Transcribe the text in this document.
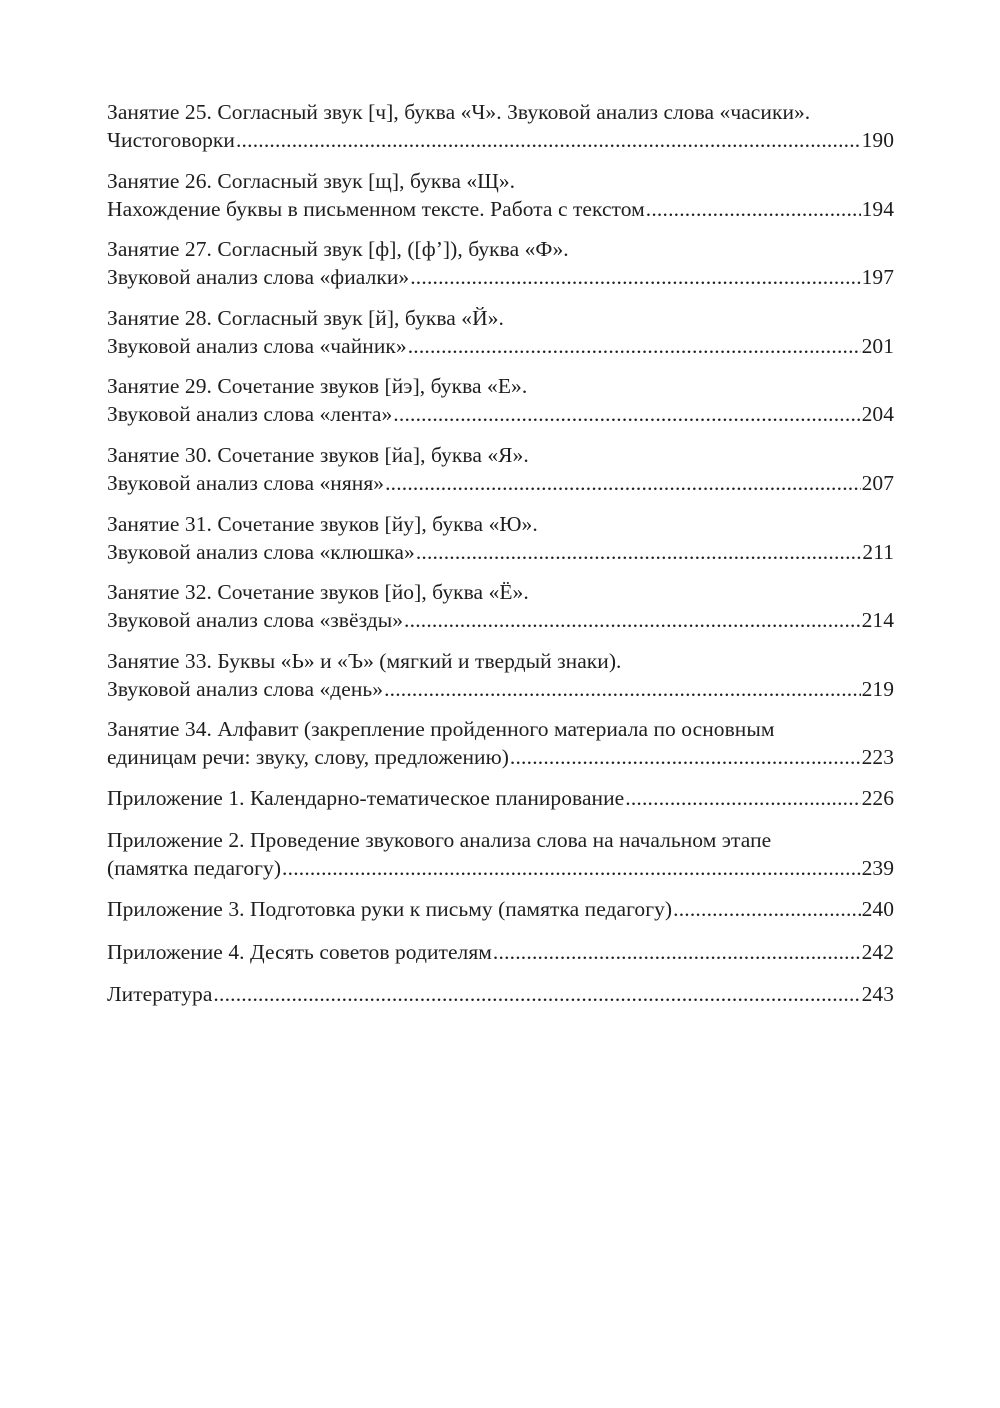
Занятие 25. Согласный звук [ч], буква «Ч». Звуковой анализ слова «часики».
Чистоговорки .....	190
Занятие 26. Согласный звук [щ], буква «Щ».
Нахождение буквы в письменном тексте. Работа с текстом .....	194
Занятие 27. Согласный звук [ф], ([ф’]), буква «Ф».
Звуковой анализ слова «фиалки» .....	197
Занятие 28. Согласный звук [й], буква «Й».
Звуковой анализ слова «чайник» .....	201
Занятие 29. Сочетание звуков [йэ], буква «Е».
Звуковой анализ слова «лента» .....	204
Занятие 30. Сочетание звуков [йа], буква «Я».
Звуковой анализ слова «няня» .....	207
Занятие 31. Сочетание звуков [йу], буква «Ю».
Звуковой анализ слова «клюшка» .....	211
Занятие 32. Сочетание звуков [йо], буква «Ё».
Звуковой анализ слова «звёзды» .....	214
Занятие 33. Буквы «Ь» и «Ъ» (мягкий и твердый знаки).
Звуковой анализ слова «день» .....	219
Занятие 34. Алфавит (закрепление пройденного материала по основным
единицам речи: звуку, слову, предложению) .....	223
Приложение 1. Календарно-тематическое планирование .....	226
Приложение 2. Проведение звукового анализа слова на начальном этапе
(памятка педагогу) .....	239
Приложение 3. Подготовка руки к письму (памятка педагогу) .....	240
Приложение 4. Десять советов родителям .....	242
Литература .....	243
